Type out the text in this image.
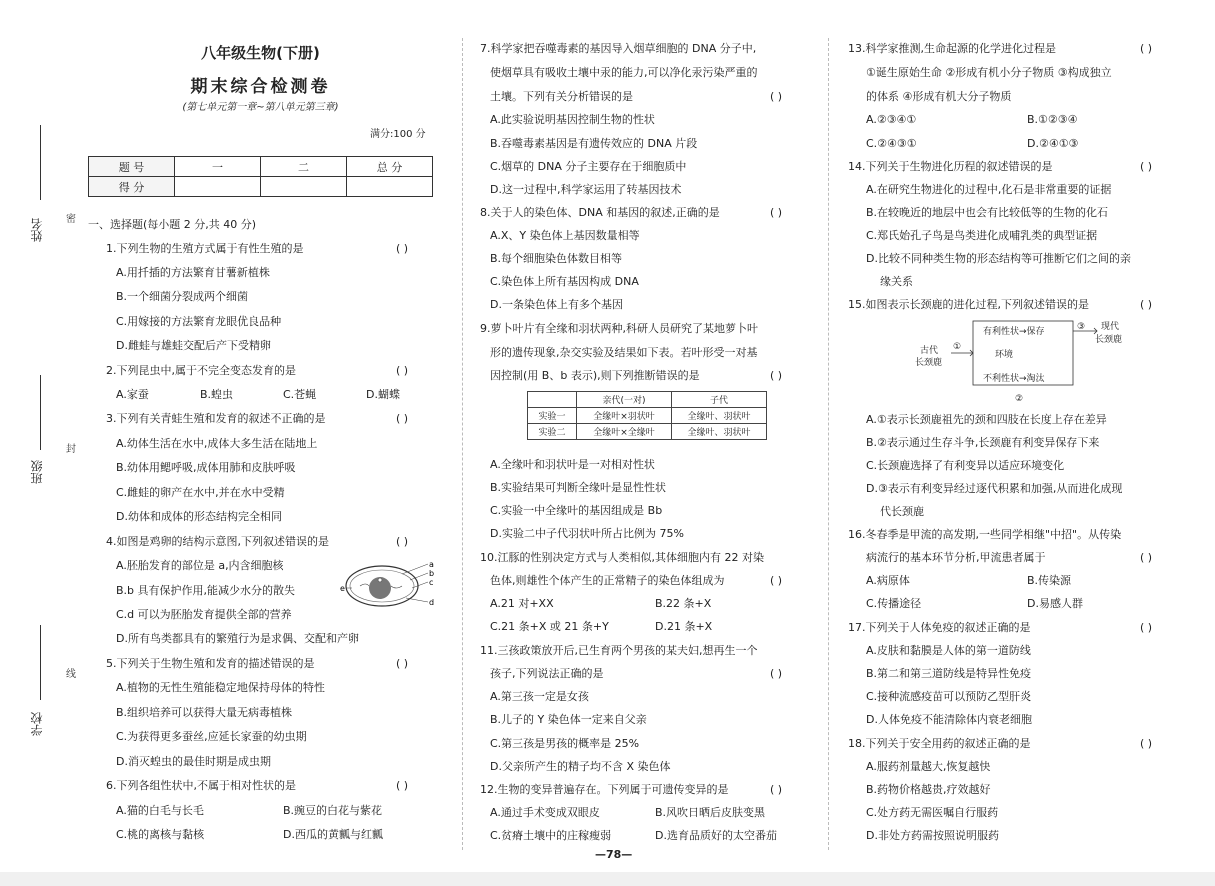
姓名
班级
学校
密
封
线
八年级生物(下册)
期末综合检测卷
(第七单元第一章~第八单元第三章)
满分:100 分
题 号	一	二	总 分
得 分			
一、选择题(每小题 2 分,共 40 分)
1.下列生物的生殖方式属于有性生殖的是	( )
A.用扦插的方法繁育甘薯新植株
B.一个细菌分裂成两个细菌
C.用嫁接的方法繁育龙眼优良品种
D.雌蛙与雄蛙交配后产下受精卵
2.下列昆虫中,属于不完全变态发育的是	( )
A.家蚕	B.蝗虫	C.苍蝇	D.蝴蝶
3.下列有关青蛙生殖和发育的叙述不正确的是	( )
A.幼体生活在水中,成体大多生活在陆地上
B.幼体用鳃呼吸,成体用肺和皮肤呼吸
C.雌蛙的卵产在水中,并在水中受精
D.幼体和成体的形态结构完全相同
4.如图是鸡卵的结构示意图,下列叙述错误的是	( )
A.胚胎发育的部位是 a,内含细胞核
B.b 具有保护作用,能减少水分的散失
C.d 可以为胚胎发育提供全部的营养
D.所有鸟类都具有的繁殖行为是求偶、交配和产卵
a
b
c
d
e
5.下列关于生物生殖和发育的描述错误的是	( )
A.植物的无性生殖能稳定地保持母体的特性
B.组织培养可以获得大量无病毒植株
C.为获得更多蚕丝,应延长家蚕的幼虫期
D.消灭蝗虫的最佳时期是成虫期
6.下列各组性状中,不属于相对性状的是	( )
A.猫的白毛与长毛	B.豌豆的白花与紫花
C.桃的离核与黏核	D.西瓜的黄瓤与红瓤
7.科学家把吞噬毒素的基因导入烟草细胞的 DNA 分子中,
使烟草具有吸收土壤中汞的能力,可以净化汞污染严重的
土壤。下列有关分析错误的是	( )
A.此实验说明基因控制生物的性状
B.吞噬毒素基因是有遗传效应的 DNA 片段
C.烟草的 DNA 分子主要存在于细胞质中
D.这一过程中,科学家运用了转基因技术
8.关于人的染色体、DNA 和基因的叙述,正确的是	( )
A.X、Y 染色体上基因数量相等
B.每个细胞染色体数目相等
C.染色体上所有基因构成 DNA
D.一条染色体上有多个基因
9.萝卜叶片有全缘和羽状两种,科研人员研究了某地萝卜叶
形的遗传现象,杂交实验及结果如下表。若叶形受一对基
因控制(用 B、b 表示),则下列推断错误的是	( )
	亲代(一对)	子代
实验一	全缘叶×羽状叶	全缘叶、羽状叶
实验二	全缘叶×全缘叶	全缘叶、羽状叶
A.全缘叶和羽状叶是一对相对性状
B.实验结果可判断全缘叶是显性性状
C.实验一中全缘叶的基因组成是 Bb
D.实验二中子代羽状叶所占比例为 75%
10.江豚的性别决定方式与人类相似,其体细胞内有 22 对染
色体,则雄性个体产生的正常精子的染色体组成为	( )
A.21 对+XX	B.22 条+X
C.21 条+X 或 21 条+Y	D.21 条+X
11.三孩政策放开后,已生育两个男孩的某夫妇,想再生一个
孩子,下列说法正确的是	( )
A.第三孩一定是女孩
B.儿子的 Y 染色体一定来自父亲
C.第三孩是男孩的概率是 25%
D.父亲所产生的精子均不含 X 染色体
12.生物的变异普遍存在。下列属于可遗传变异的是	( )
A.通过手术变成双眼皮	B.风吹日晒后皮肤变黑
C.贫瘠土壤中的庄稼瘦弱	D.选育品质好的太空番茄
13.科学家推测,生命起源的化学进化过程是	( )
①诞生原始生命 ②形成有机小分子物质 ③构成独立
的体系 ④形成有机大分子物质
A.②③④①	B.①②③④
C.②④③①	D.②④①③
14.下列关于生物进化历程的叙述错误的是	( )
A.在研究生物进化的过程中,化石是非常重要的证据
B.在较晚近的地层中也会有比较低等的生物的化石
C.郑氏始孔子鸟是鸟类进化成哺乳类的典型证据
D.比较不同种类生物的形态结构等可推断它们之间的亲
缘关系
15.如图表示长颈鹿的进化过程,下列叙述错误的是	( )
古代
长颈鹿
①
有利性状→保存
环境
不利性状→淘汰
③ 现代
长颈鹿
②
A.①表示长颈鹿祖先的颈和四肢在长度上存在差异
B.②表示通过生存斗争,长颈鹿有利变异保存下来
C.长颈鹿选择了有利变异以适应环境变化
D.③表示有利变异经过逐代积累和加强,从而进化成现
代长颈鹿
16.冬春季是甲流的高发期,一些同学相继"中招"。从传染
病流行的基本环节分析,甲流患者属于	( )
A.病原体	B.传染源
C.传播途径	D.易感人群
17.下列关于人体免疫的叙述正确的是	( )
A.皮肤和黏膜是人体的第一道防线
B.第二和第三道防线是特异性免疫
C.接种流感疫苗可以预防乙型肝炎
D.人体免疫不能清除体内衰老细胞
18.下列关于安全用药的叙述正确的是	( )
A.服药剂量越大,恢复越快
B.药物价格越贵,疗效越好
C.处方药无需医嘱自行服药
D.非处方药需按照说明服药
—78—
